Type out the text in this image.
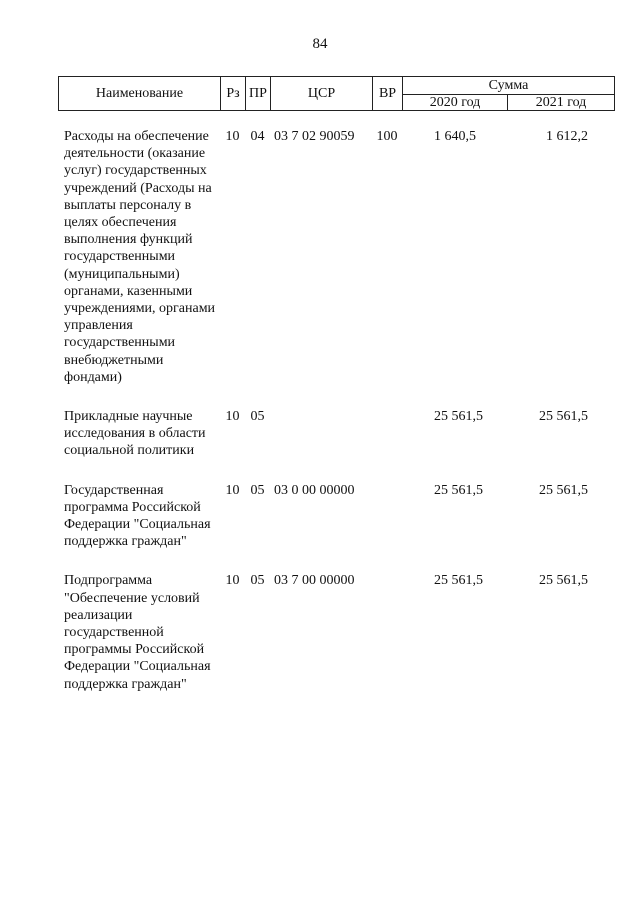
84
Наименование	Рз	ПР	ЦСР	ВР	Сумма	
					2020 год	2021 год
Расходы на обеспечение деятельности (оказание услуг) государственных учреждений (Расходы на выплаты персоналу в целях обеспечения выполнения функций государственными (муниципальными) органами, казенными учреждениями, органами управления государственными внебюджетными фондами)	10	04	03 7 02 90059	100	1 640,5	1 612,2
Прикладные научные исследования в области социальной политики	10	05			25 561,5	25 561,5
Государственная программа Российской Федерации "Социальная поддержка граждан"	10	05	03 0 00 00000		25 561,5	25 561,5
Подпрограмма "Обеспечение условий реализации государственной программы Российской Федерации "Социальная поддержка граждан"	10	05	03 7 00 00000		25 561,5	25 561,5
